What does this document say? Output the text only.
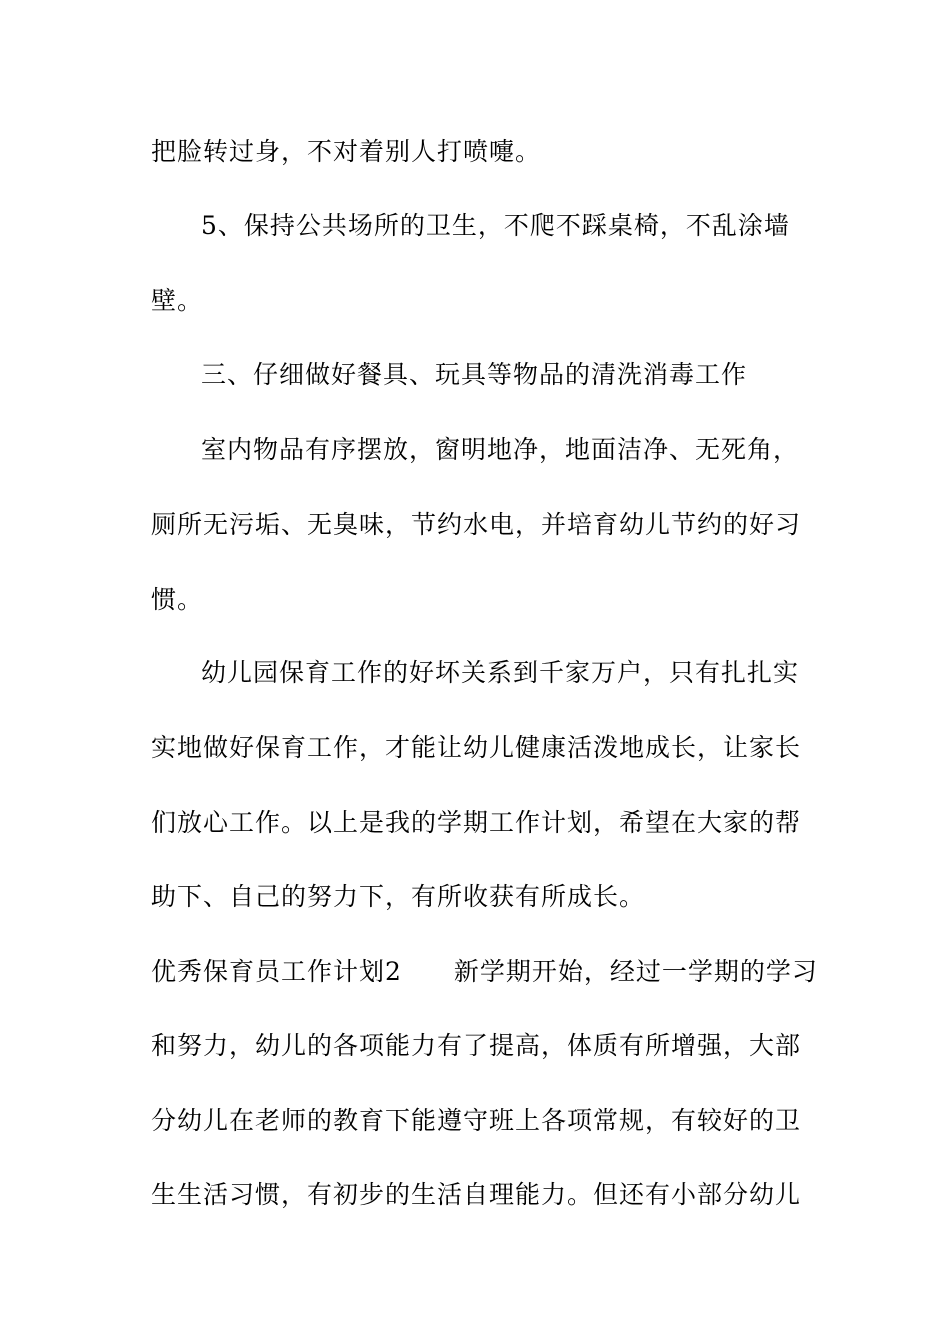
把脸转过身，不对着别人打喷嚏。
5、保持公共场所的卫生，不爬不踩桌椅，不乱涂墙
壁。
三、仔细做好餐具、玩具等物品的清洗消毒工作
室内物品有序摆放，窗明地净，地面洁净、无死角，
厕所无污垢、无臭味，节约水电，并培育幼儿节约的好习
惯。
幼儿园保育工作的好坏关系到千家万户，只有扎扎实
实地做好保育工作，才能让幼儿健康活泼地成长，让家长
们放心工作。以上是我的学期工作计划，希望在大家的帮
助下、自己的努力下，有所收获有所成长。
优秀保育员工作计划2 新学期开始，经过一学期的学习
和努力，幼儿的各项能力有了提高，体质有所增强，大部
分幼儿在老师的教育下能遵守班上各项常规，有较好的卫
生生活习惯，有初步的生活自理能力。但还有小部分幼儿
